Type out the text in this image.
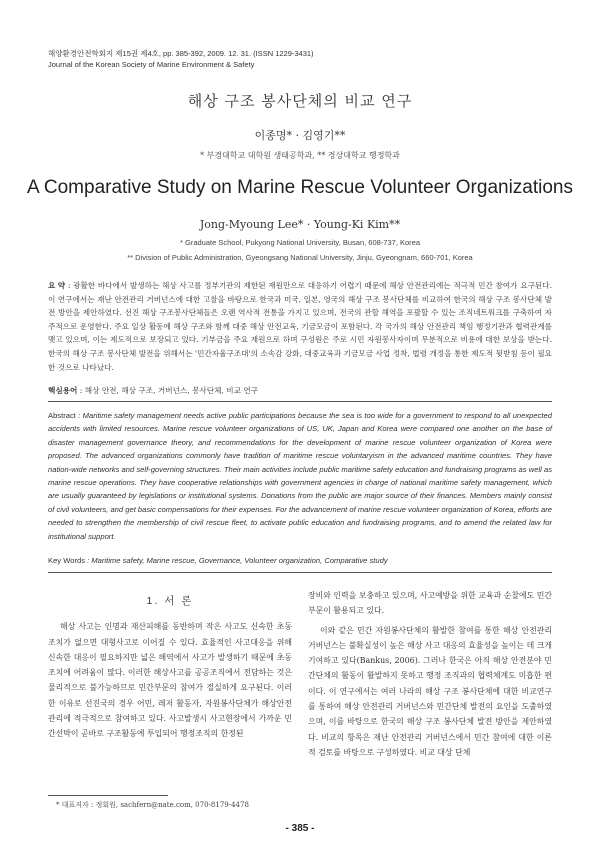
해양환경안전학회지 제15권 제4호, pp. 385-392, 2009. 12. 31. (ISSN 1229-3431)
Journal of the Korean Society of Marine Environment & Safety
해상 구조 봉사단체의 비교 연구
이종명* · 김영기**
* 부경대학교 대학원 생태공학과, ** 경상대학교 행정학과
A Comparative Study on Marine Rescue Volunteer Organizations
Jong-Myoung Lee* · Young-Ki Kim**
* Graduate School, Pukyong National University, Busan, 608-737, Korea
** Division of Public Administration, Gyeongsang National University, Jinju, Gyeongnam, 660-701, Korea
요 약 : 광활한 바다에서 발생하는 해상 사고를 정부기관의 제한된 재원만으로 대응하기 어렵기 때문에 해상 안전관리에는 적극적 민간 참여가 요구된다. 이 연구에서는 재난 안전관리 거버넌스에 대한 고찰을 바탕으로 한국과 미국, 일본, 영국의 해상 구조 봉사단체를 비교하여 한국의 해상 구조 봉사단체 발전 방안을 제안하였다. 선진 해상 구조봉사단체들은 오랜 역사적 전통을 가지고 있으며, 전국의 관할 해역을 포괄할 수 있는 조직네트워크를 구축하여 자주적으로 운영한다. 주요 일상 활동에 해상 구조와 함께 대중 해상 안전교육, 기금모금이 포함된다. 각 국가의 해상 안전관리 책임 행정기관과 협력관계를 맺고 있으며, 이는 제도적으로 보장되고 있다. 기부금을 주요 재원으로 하며 구성원은 주로 시민 자원봉사자이며 무분적으로 비용에 대한 보상을 받는다. 한국의 해상 구조 봉사단체 발전을 위해서는 '민간자율구조대'의 소속감 강화, 대중교육과 기금모금 사업 정착, 법령 개정을 통한 제도적 뒷받침 등이 필요한 것으로 나타났다.
핵심용어 : 해상 안전, 해상 구조, 거버넌스, 봉사단체, 비교 연구
Abstract : Maritime safety management needs active public participations because the sea is too wide for a government to respond to all unexpected accidents with limited resources. Marine rescue volunteer organizations of US, UK, Japan and Korea were compared one another on the base of disaster management governance theory, and recommendations for the development of marine rescue volunteer organization of Korea were proposed. The advanced organizations commonly have tradition of maritime rescue voluntaryism in the advanced maritime countries. They have nation-wide networks and self-governing structures. Their main activities include public maritime safety education and fundraising programs as well as marine rescue operations. They have cooperative relationships with government agencies in charge of national maritime safety management, which are usually guaranteed by legislations or institutional systems. Donations from the public are major source of their finances. Members mainly consist of civil volunteers, and get basic compensations for their expenses. For the advancement of marine rescue volunteer organization of Korea, efforts are needed to strengthen the membership of civil rescue fleet, to activate public education and fundraising programs, and to amend the related law for institutional support.
Key Words : Maritime safety, Marine rescue, Governance, Volunteer organization, Comparative study
1. 서 론

해상 사고는 인명과 재산피해를 동반하며 작은 사고도 신속한 초동조치가 없으면 대형사고로 이어질 수 있다. 효율적인 사고대응을 위해 신속한 대응이 필요하지만 넓은 해역에서 사고가 발생하기 때문에 초동조치에 어려움이 많다. 이러한 해상사고를 공공조직에서 전담하는 것은 물리적으로 불가능하므로 민간부문의 참여가 절실하게 요구된다. 이러한 이유로 선진국의 경우 어민, 레저 활동자, 자원봉사단체가 해상안전관리에 적극적으로 참여하고 있다. 사고발생시 사고현장에서 가까운 민간선박이 곧바로 구조활동에 투입되어 행정조직의 한정된

장비와 인력을 보충하고 있으며, 사고예방을 위한 교육과 순찰에도 민간부문이 활용되고 있다.

이와 같은 민간 자원봉사단체의 활발한 참여를 통한 해상 안전관리 거버넌스는 불확실성이 높은 해상 사고 대응의 효율성을 높이는 데 크게 기여하고 있다(Bankus, 2006). 그러나 한국은 아직 해상 안전분야 민간단체의 활동이 활발하지 못하고 행정 조직과의 협력체계도 미흡한 편이다. 이 연구에서는 여러 나라의 해상 구조 봉사단체에 대한 비교연구를 통하여 해상 안전관리 거버넌스와 민간단체 발전의 요인을 도출하였으며, 이를 바탕으로 한국의 해상 구조 봉사단체 발전 방안을 제안하였다. 비교의 항목은 재난 안전관리 거버넌스에서 민간 참여에 대한 이론적 검토를 바탕으로 구성하였다. 비교 대상 단체

* 대표저자 : 정회원, sachfern@nate.com, 070-8179-4478
- 385 -
